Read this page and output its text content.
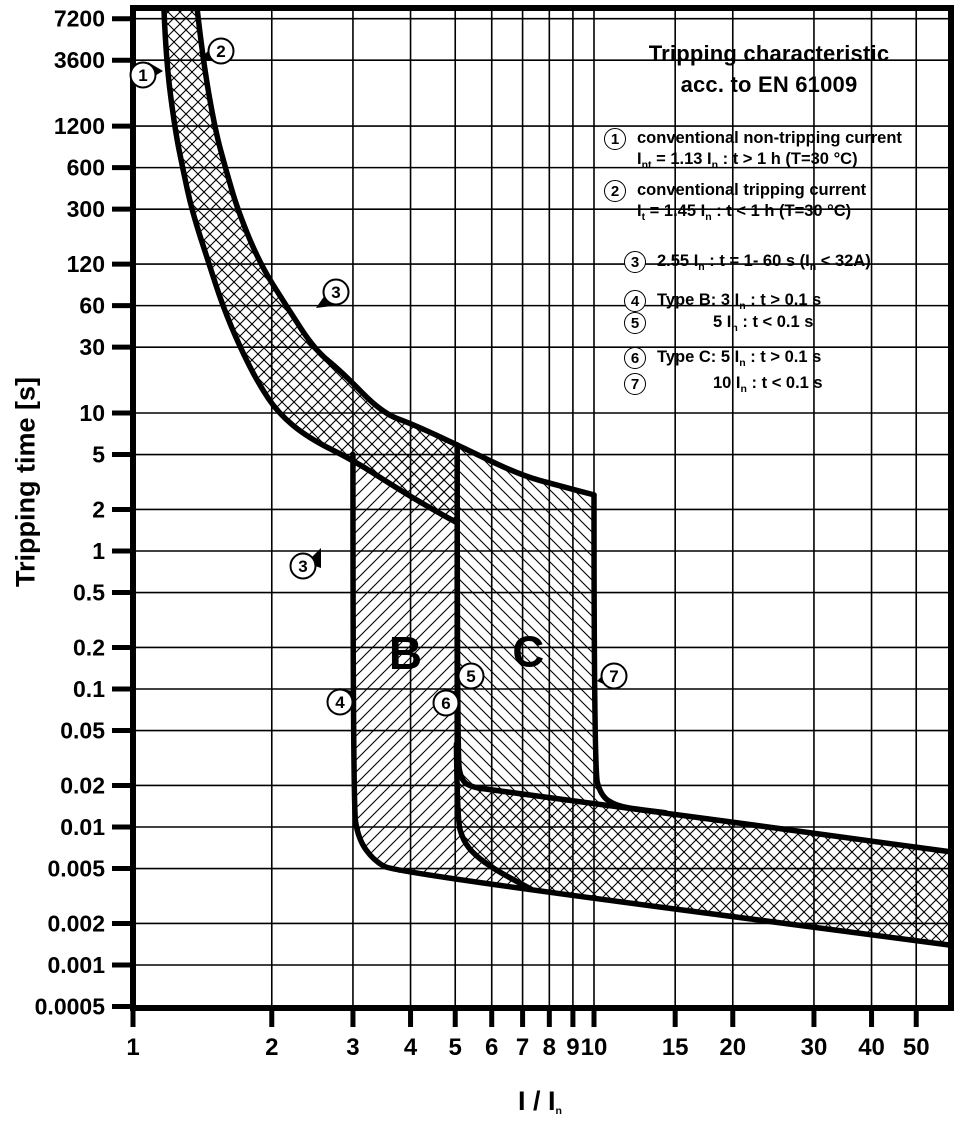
1	2	3 4 5 6 7 8 9 10 15 20 30 40 50
7200
3600
1200
600
300
120
60
30
10
5
2
1
0.5
0.2
0.1
0.05
0.02
0.01
0.005
0.002
0.001
0.0005
B C
1
2
3
3
4
5
6
7
Tripping characteristic
acc. to EN 61009
1	conventional non-tripping current
$I_{nt} = 1.13$ $I_n$ : t > 1 h (T=30 °C)
2	conventional tripping current
$I_t = 1.45$ $I_n$ : t < 1 h (T=30 °C)
3	2.55 $I_n$ : t = 1- 60 s $(I_n < 32A)$
4	Type B: 3 $I_n$ : t > 0.1 s
5	5 $I_n$ : t < 0.1 s
6	Type C: 5 $I_n$ : t > 0.1 s
7	10 $I_n$ : t < 0.1 s
Tripping time [s]
I / $I_n$
